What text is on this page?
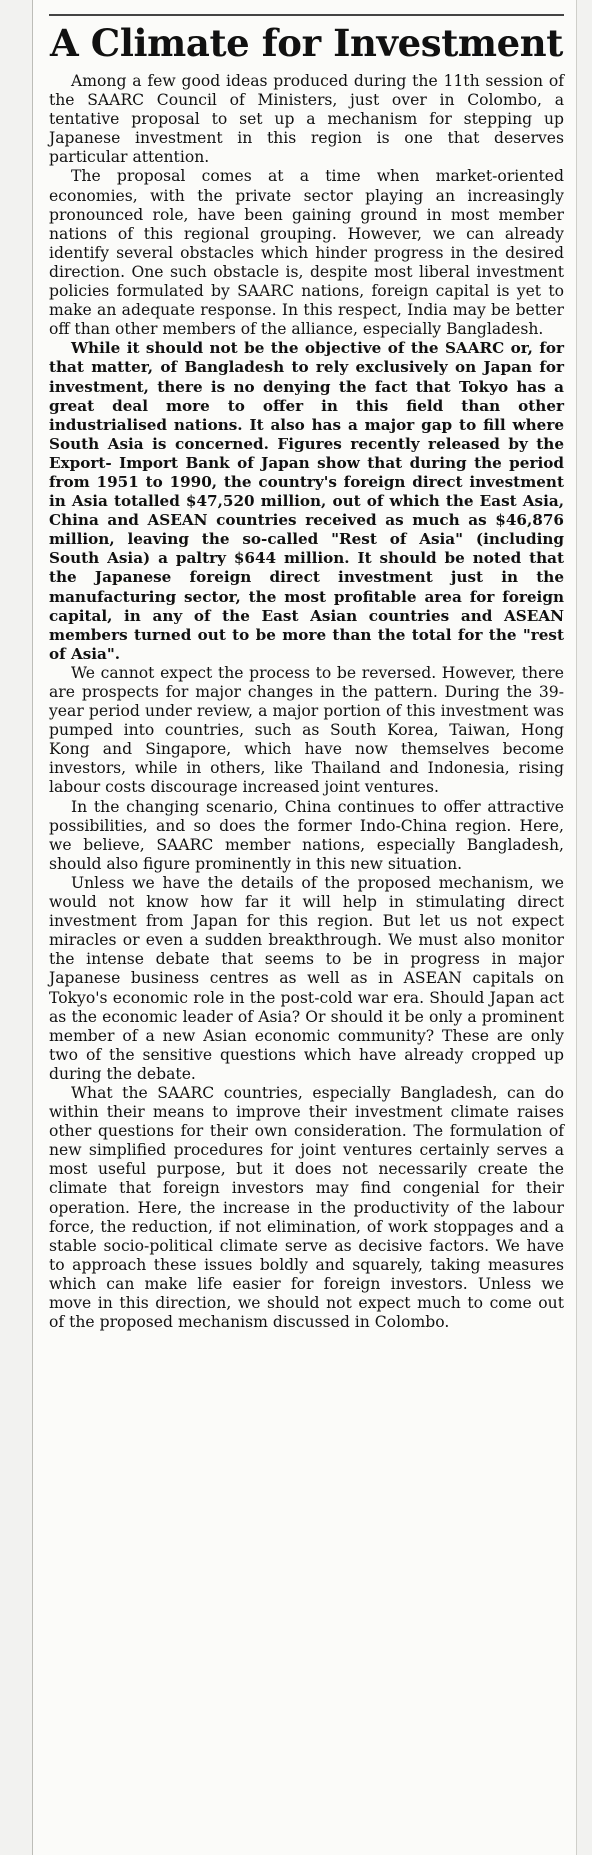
A Climate for Investment

Among a few good ideas produced during the 11th session of the SAARC Council of Ministers, just over in Colombo, a tentative proposal to set up a mechanism for stepping up Japanese investment in this region is one that deserves particular attention.

The proposal comes at a time when market-oriented economies, with the private sector playing an increasingly pronounced role, have been gaining ground in most member nations of this regional grouping. However, we can already identify several obstacles which hinder progress in the desired direction. One such obstacle is, despite most liberal investment policies formulated by SAARC nations, foreign capital is yet to make an adequate response. In this respect, India may be better off than other members of the alliance, especially Bangladesh.

While it should not be the objective of the SAARC or, for that matter, of Bangladesh to rely exclusively on Japan for investment, there is no denying the fact that Tokyo has a great deal more to offer in this field than other industrialised nations. It also has a major gap to fill where South Asia is concerned. Figures recently released by the Export- Import Bank of Japan show that during the period from 1951 to 1990, the country's foreign direct investment in Asia totalled $47,520 million, out of which the East Asia, China and ASEAN countries received as much as $46,876 million, leaving the so-called "Rest of Asia" (including South Asia) a paltry $644 million. It should be noted that the Japanese foreign direct investment just in the manufacturing sector, the most profitable area for foreign capital, in any of the East Asian countries and ASEAN members turned out to be more than the total for the "rest of Asia".

We cannot expect the process to be reversed. However, there are prospects for major changes in the pattern. During the 39-year period under review, a major portion of this investment was pumped into countries, such as South Korea, Taiwan, Hong Kong and Singapore, which have now themselves become investors, while in others, like Thailand and Indonesia, rising labour costs discourage increased joint ventures.

In the changing scenario, China continues to offer attractive possibilities, and so does the former Indo-China region. Here, we believe, SAARC member nations, especially Bangladesh, should also figure prominently in this new situation.

Unless we have the details of the proposed mechanism, we would not know how far it will help in stimulating direct investment from Japan for this region. But let us not expect miracles or even a sudden breakthrough. We must also monitor the intense debate that seems to be in progress in major Japanese business centres as well as in ASEAN capitals on Tokyo's economic role in the post-cold war era. Should Japan act as the economic leader of Asia? Or should it be only a prominent member of a new Asian economic community? These are only two of the sensitive questions which have already cropped up during the debate.

What the SAARC countries, especially Bangladesh, can do within their means to improve their investment climate raises other questions for their own consideration. The formulation of new simplified procedures for joint ventures certainly serves a most useful purpose, but it does not necessarily create the climate that foreign investors may find congenial for their operation. Here, the increase in the productivity of the labour force, the reduction, if not elimination, of work stoppages and a stable socio-political climate serve as decisive factors. We have to approach these issues boldly and squarely, taking measures which can make life easier for foreign investors. Unless we move in this direction, we should not expect much to come out of the proposed mechanism discussed in Colombo.
